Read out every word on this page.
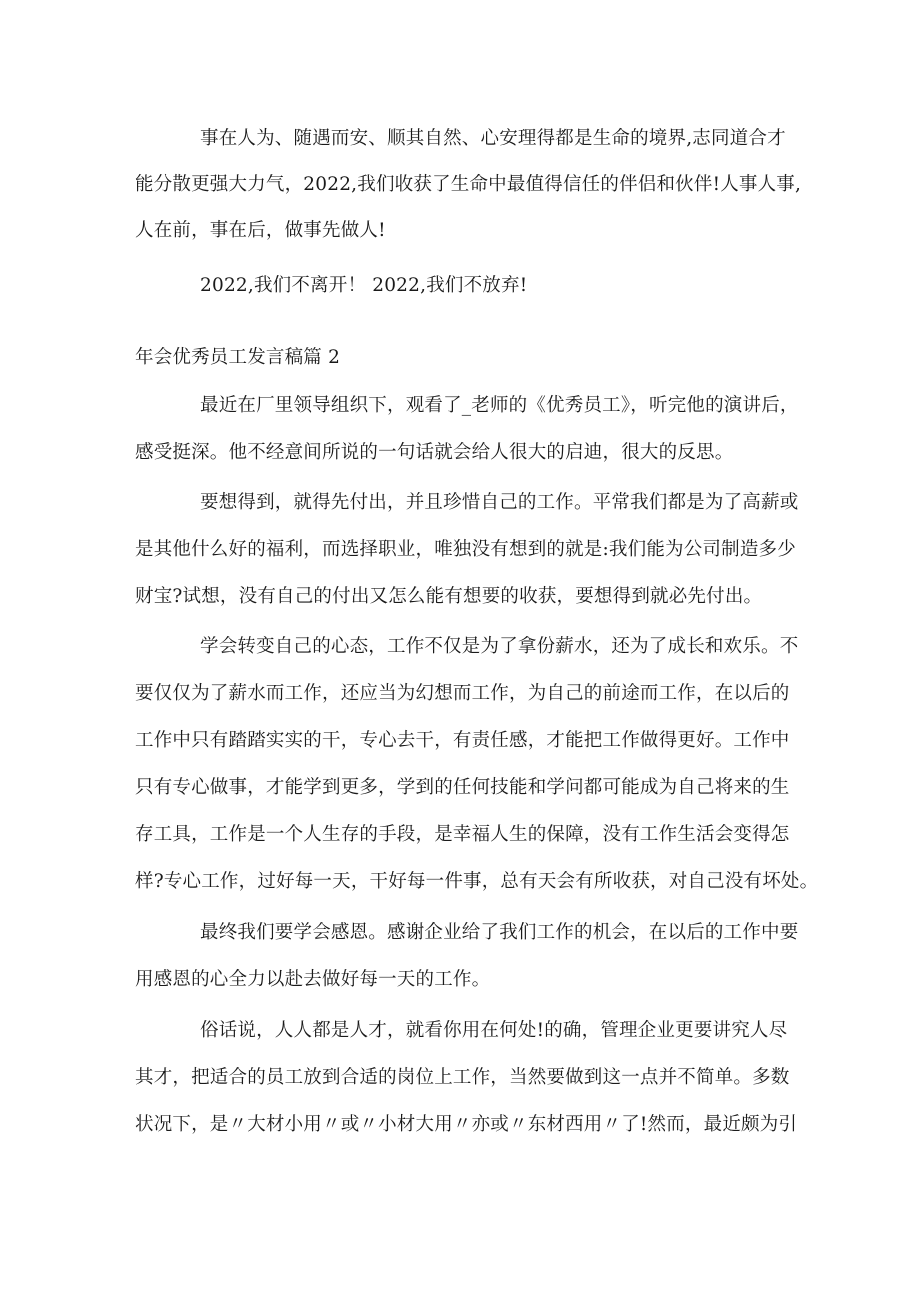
事在人为、随遇而安、顺其自然、心安理得都是生命的境界,志同道合才

能分散更强大力气，2022,我们收获了生命中最值得信任的伴侣和伙伴!人事人事,

人在前，事在后，做事先做人!

2022,我们不离开！ 2022,我们不放弃!

年会优秀员工发言稿篇 2

最近在厂里领导组织下，观看了_老师的《优秀员工》，听完他的演讲后，

感受挺深。他不经意间所说的一句话就会给人很大的启迪，很大的反思。

要想得到，就得先付出，并且珍惜自己的工作。平常我们都是为了高薪或

是其他什么好的福利，而选择职业，唯独没有想到的就是:我们能为公司制造多少

财宝?试想，没有自己的付出又怎么能有想要的收获，要想得到就必先付出。

学会转变自己的心态，工作不仅是为了拿份薪水，还为了成长和欢乐。不

要仅仅为了薪水而工作，还应当为幻想而工作，为自己的前途而工作，在以后的

工作中只有踏踏实实的干，专心去干，有责任感，才能把工作做得更好。工作中

只有专心做事，才能学到更多，学到的任何技能和学问都可能成为自己将来的生

存工具，工作是一个人生存的手段，是幸福人生的保障，没有工作生活会变得怎

样?专心工作，过好每一天，干好每一件事，总有天会有所收获，对自己没有坏处。

最终我们要学会感恩。感谢企业给了我们工作的机会，在以后的工作中要

用感恩的心全力以赴去做好每一天的工作。

俗话说，人人都是人才，就看你用在何处!的确，管理企业更要讲究人尽

其才，把适合的员工放到合适的岗位上工作，当然要做到这一点并不简单。多数

状况下，是〃大材小用〃或〃小材大用〃亦或〃东材西用〃了!然而，最近颇为引
